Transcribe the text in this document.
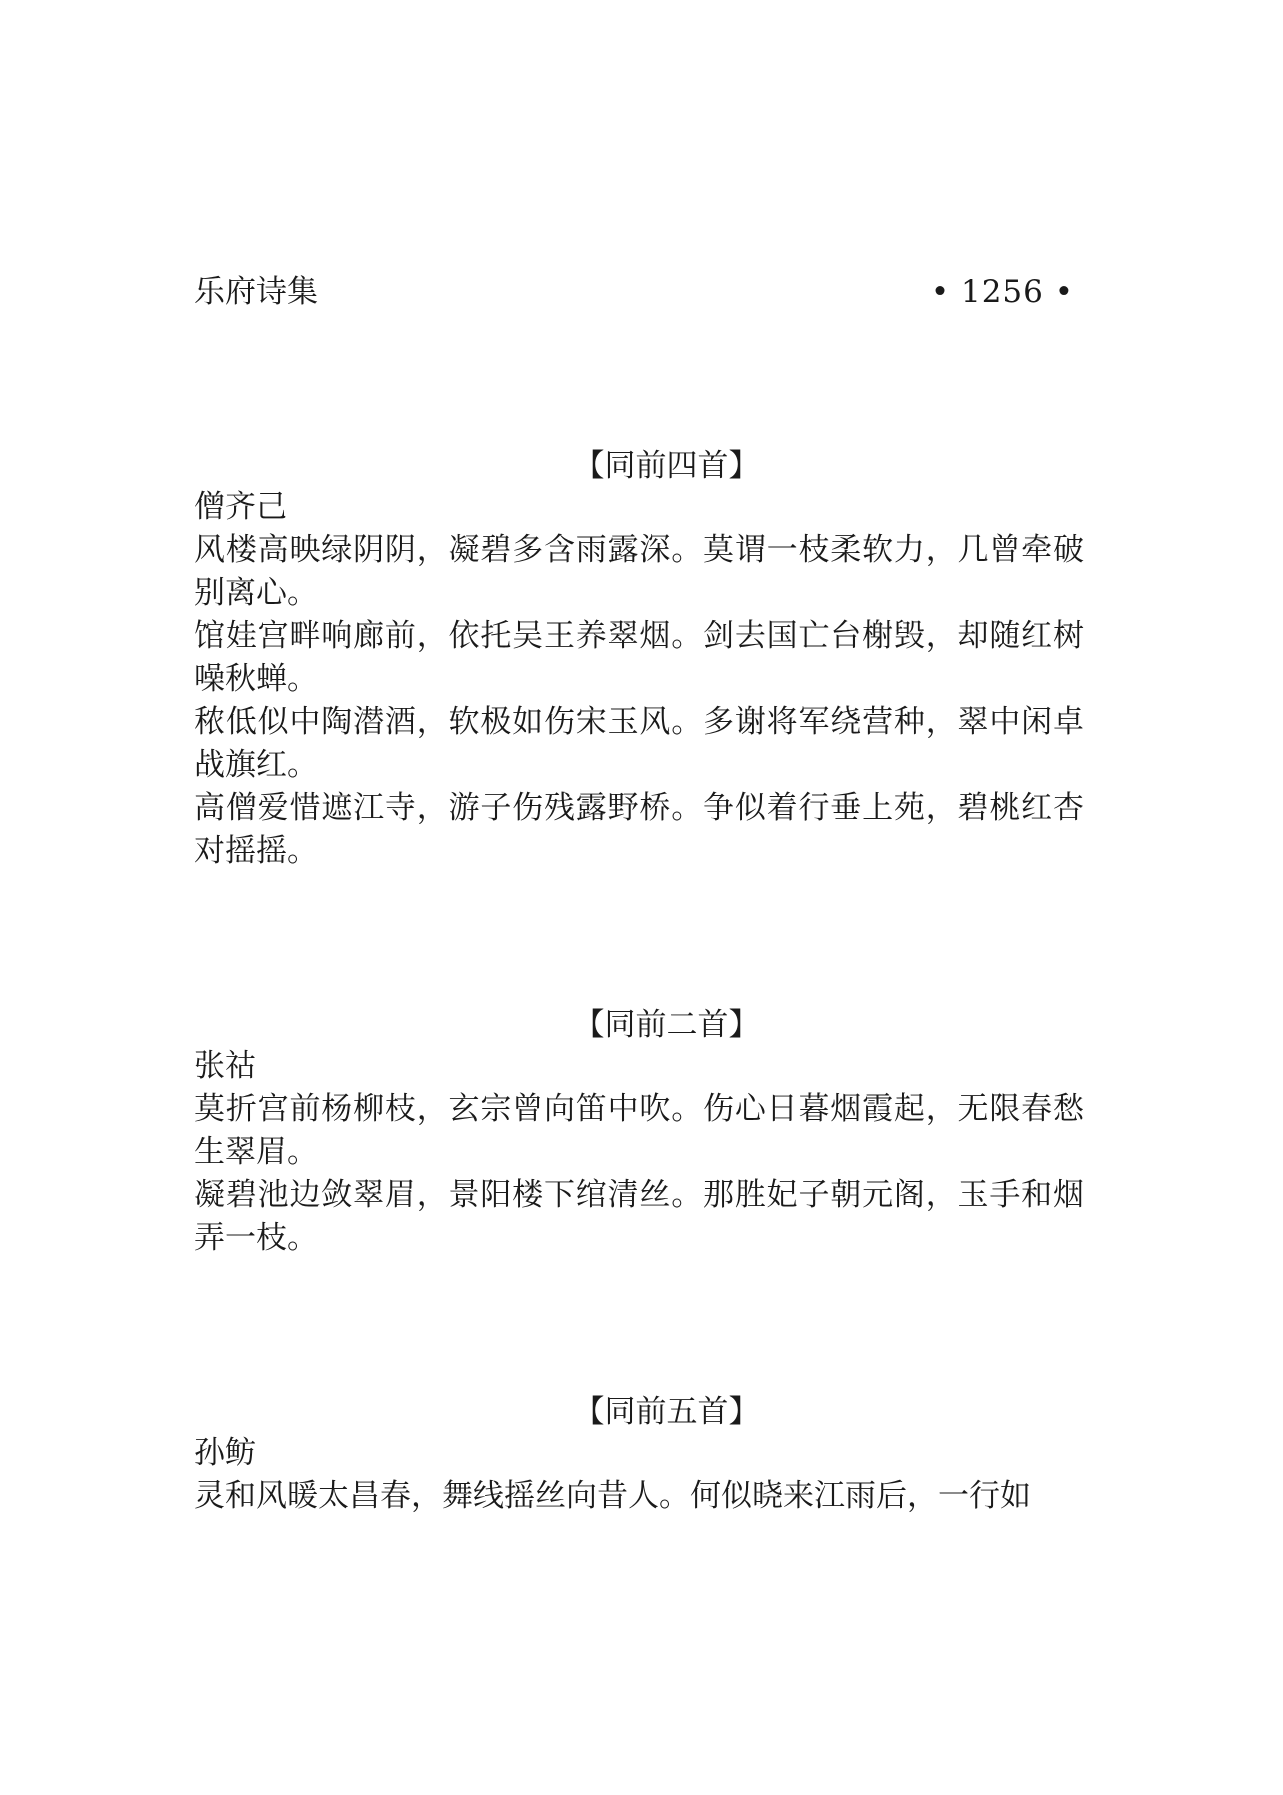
乐府诗集	• 1256 •
【同前四首】

僧齐己

风楼高映绿阴阴，凝碧多含雨露深。莫谓一枝柔软力，几曾牵破别离心。

馆娃宫畔响廊前，依托吴王养翠烟。剑去国亡台榭毁，却随红树噪秋蝉。

秾低似中陶潜酒，软极如伤宋玉风。多谢将军绕营种，翠中闲卓战旗红。

高僧爱惜遮江寺，游子伤残露野桥。争似着行垂上苑，碧桃红杏对摇摇。

【同前二首】

张祜

莫折宫前杨柳枝，玄宗曾向笛中吹。伤心日暮烟霞起，无限春愁生翠眉。

凝碧池边敛翠眉，景阳楼下绾清丝。那胜妃子朝元阁，玉手和烟弄一枝。

【同前五首】

孙鲂

灵和风暖太昌春，舞线摇丝向昔人。何似晓来江雨后，一行如
